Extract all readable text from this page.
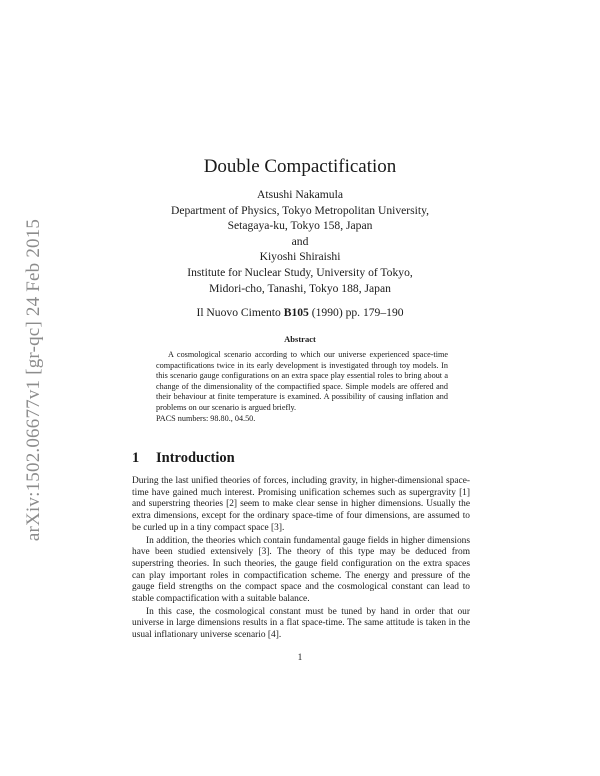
arXiv:1502.06677v1 [gr-qc] 24 Feb 2015
Double Compactification
Atsushi Nakamula
Department of Physics, Tokyo Metropolitan University,
Setagaya-ku, Tokyo 158, Japan
and
Kiyoshi Shiraishi
Institute for Nuclear Study, University of Tokyo,
Midori-cho, Tanashi, Tokyo 188, Japan
Il Nuovo Cimento B105 (1990) pp. 179–190
Abstract

A cosmological scenario according to which our universe experienced space-time compactifications twice in its early development is investigated through toy models. In this scenario gauge configurations on an extra space play essential roles to bring about a change of the dimensionality of the compactified space. Simple models are offered and their behaviour at finite temperature is examined. A possibility of causing inflation and problems on our scenario is argued briefly.

PACS numbers: 98.80., 04.50.

1 Introduction

During the last unified theories of forces, including gravity, in higher-dimensional space-time have gained much interest. Promising unification schemes such as supergravity [1] and superstring theories [2] seem to make clear sense in higher dimensions. Usually the extra dimensions, except for the ordinary space-time of four dimensions, are assumed to be curled up in a tiny compact space [3].

In addition, the theories which contain fundamental gauge fields in higher dimensions have been studied extensively [3]. The theory of this type may be deduced from superstring theories. In such theories, the gauge field configuration on the extra spaces can play important roles in compactification scheme. The energy and pressure of the gauge field strengths on the compact space and the cosmological constant can lead to stable compactification with a suitable balance.

In this case, the cosmological constant must be tuned by hand in order that our universe in large dimensions results in a flat space-time. The same attitude is taken in the usual inflationary universe scenario [4].

1
